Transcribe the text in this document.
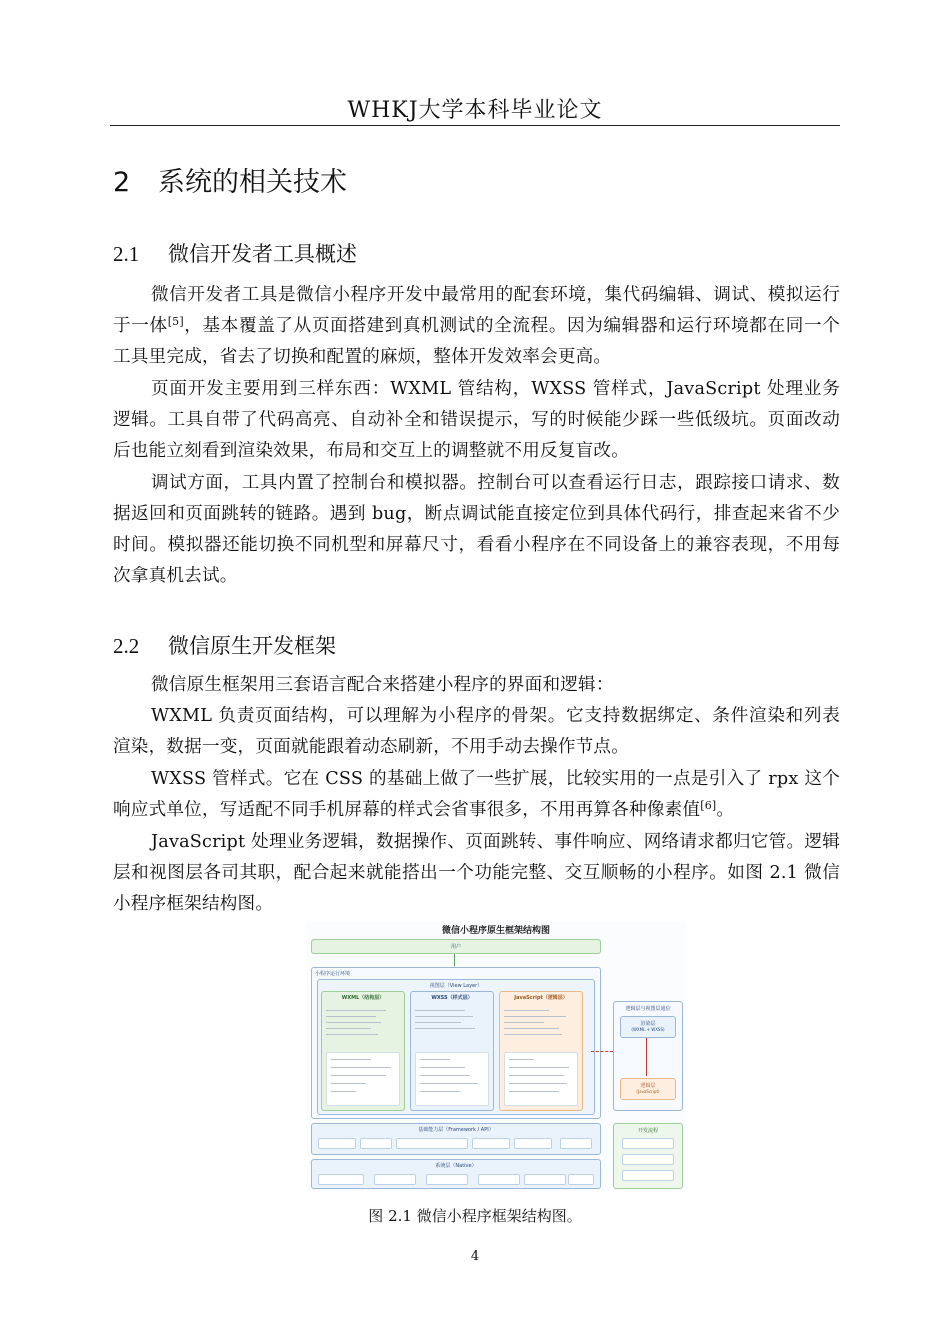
WHKJ大学本科毕业论文
2 系统的相关技术
2.1 微信开发者工具概述
微信开发者工具是微信小程序开发中最常用的配套环境，集代码编辑、调试、模拟运行于一体[5]，基本覆盖了从页面搭建到真机测试的全流程。因为编辑器和运行环境都在同一个工具里完成，省去了切换和配置的麻烦，整体开发效率会更高。
页面开发主要用到三样东西：WXML 管结构，WXSS 管样式，JavaScript 处理业务逻辑。工具自带了代码高亮、自动补全和错误提示，写的时候能少踩一些低级坑。页面改动后也能立刻看到渲染效果，布局和交互上的调整就不用反复盲改。
调试方面，工具内置了控制台和模拟器。控制台可以查看运行日志，跟踪接口请求、数据返回和页面跳转的链路。遇到 bug，断点调试能直接定位到具体代码行，排查起来省不少时间。模拟器还能切换不同机型和屏幕尺寸，看看小程序在不同设备上的兼容表现，不用每次拿真机去试。
2.2 微信原生开发框架
微信原生框架用三套语言配合来搭建小程序的界面和逻辑：
WXML 负责页面结构，可以理解为小程序的骨架。它支持数据绑定、条件渲染和列表渲染，数据一变，页面就能跟着动态刷新，不用手动去操作节点。
WXSS 管样式。它在 CSS 的基础上做了一些扩展，比较实用的一点是引入了 rpx 这个响应式单位，写适配不同手机屏幕的样式会省事很多，不用再算各种像素值[6]。
JavaScript 处理业务逻辑，数据操作、页面跳转、事件响应、网络请求都归它管。逻辑层和视图层各司其职，配合起来就能搭出一个功能完整、交互顺畅的小程序。如图 2.1 微信小程序框架结构图。
微信小程序原生框架结构图
用户
小程序运行环境
视图层（View Layer）
WXML（结构层）	WXSS（样式层）	JavaScript（逻辑层）
逻辑层与视图层通信
渲染层
(WXML + WXSS)
逻辑层
(JavaScript)
基础能力层（Framework / API）
系统层（Native）
开发流程
图 2.1 微信小程序框架结构图。
4
